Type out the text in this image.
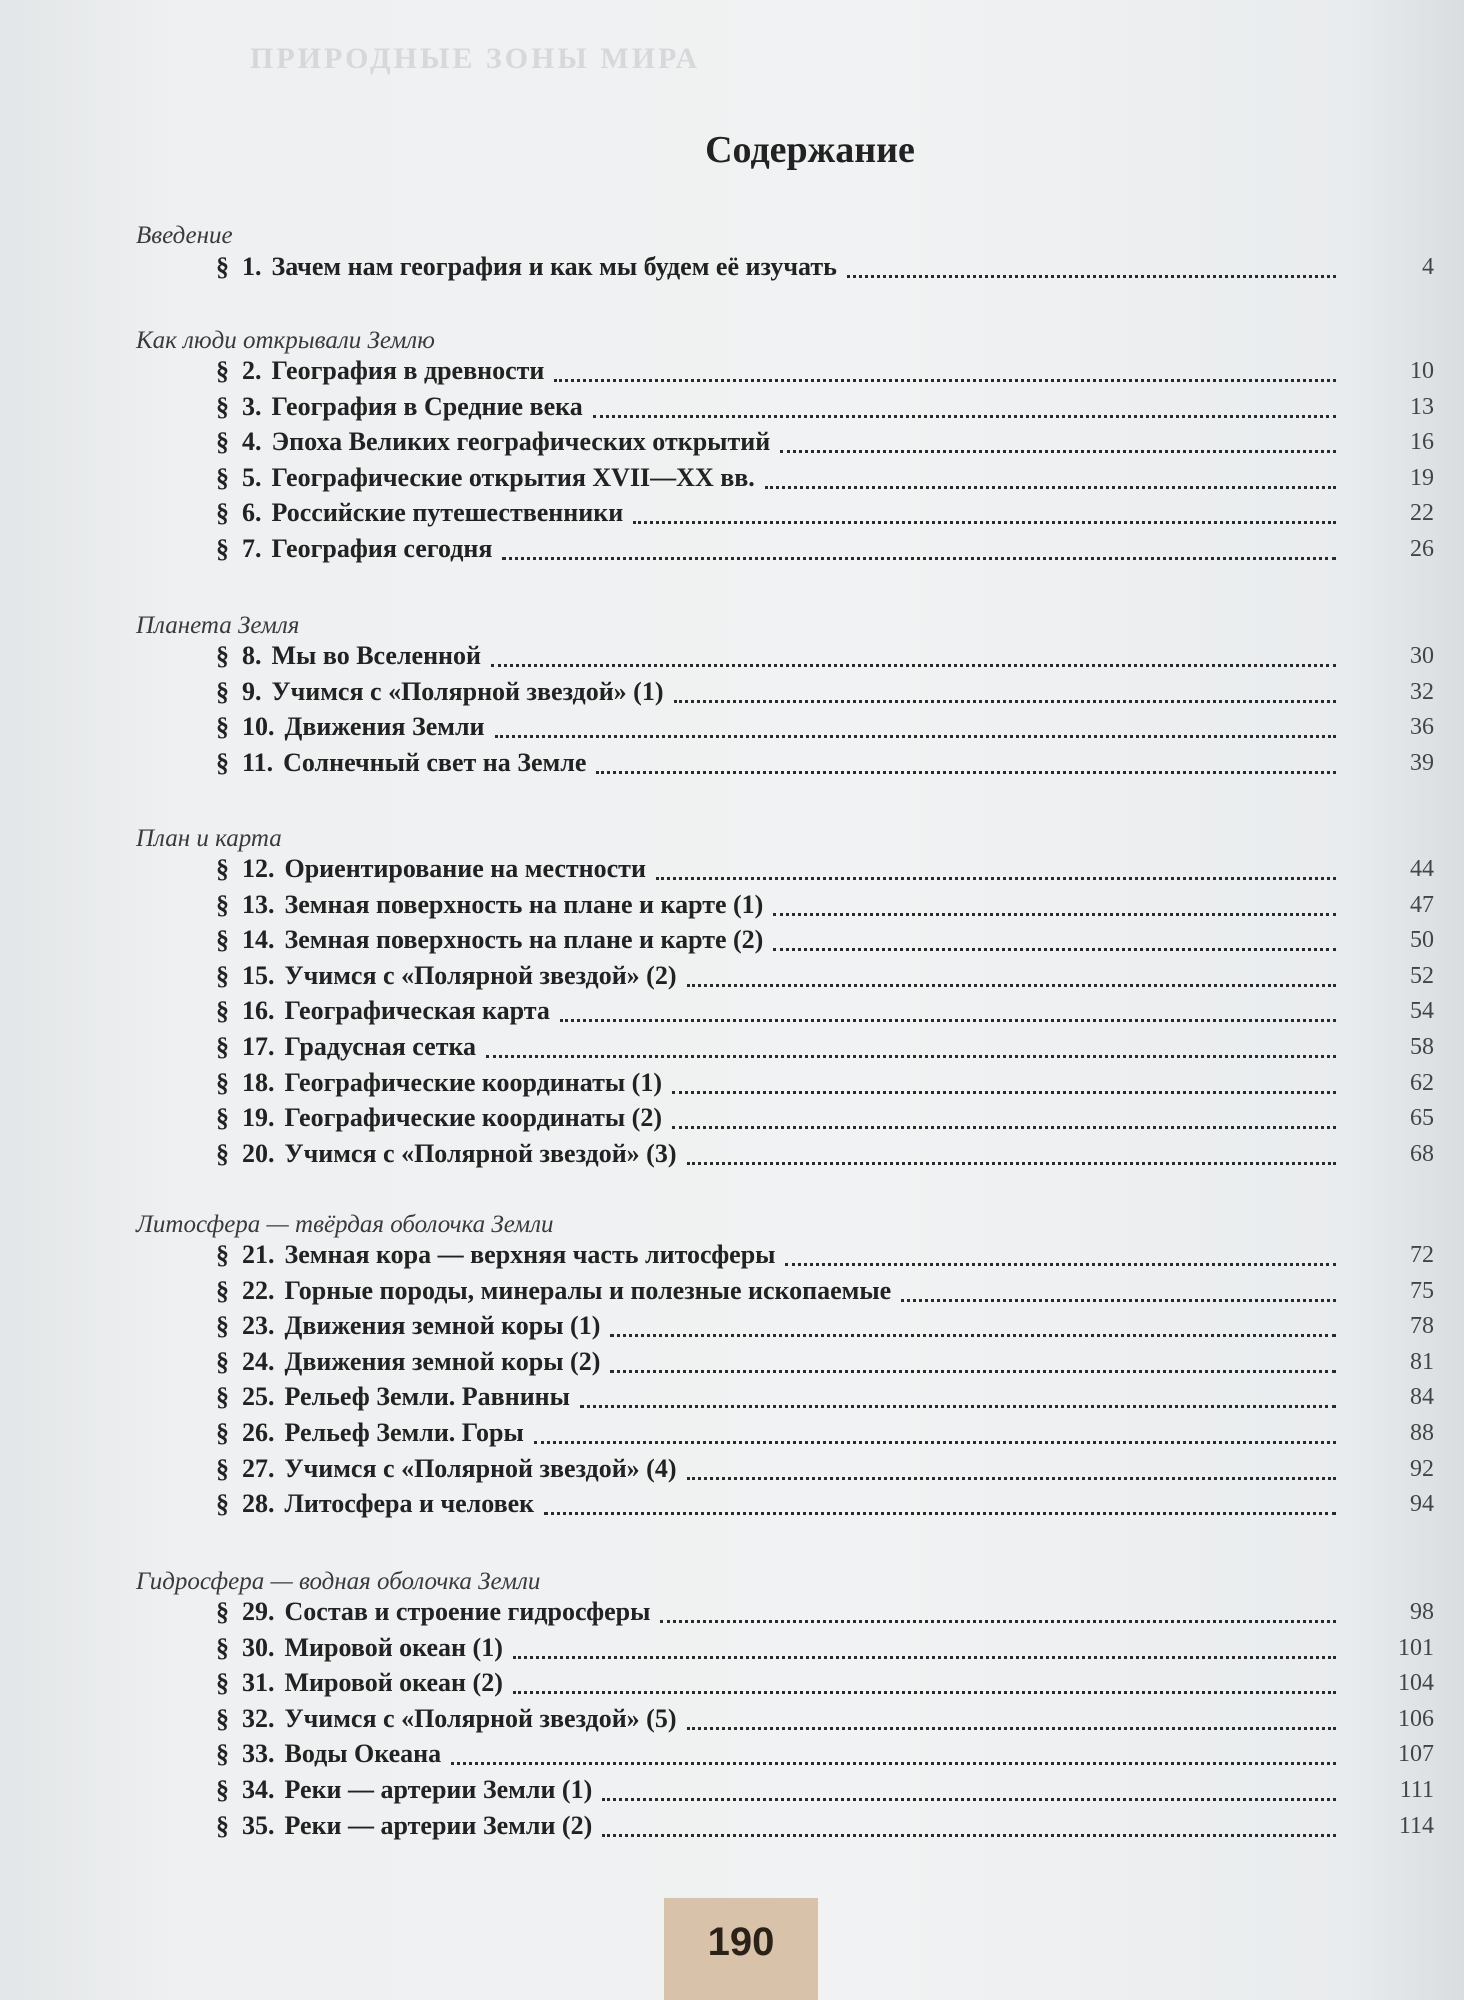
ПРИРОДНЫЕ ЗОНЫ МИРА
Содержание
Введение
§ 1. Зачем нам география и как мы будем её изучать	4
Как люди открывали Землю
§ 2. География в древности	10
§ 3. География в Средние века	13
§ 4. Эпоха Великих географических открытий	16
§ 5. Географические открытия XVII—XX вв.	19
§ 6. Российские путешественники	22
§ 7. География сегодня	26
Планета Земля
§ 8. Мы во Вселенной	30
§ 9. Учимся с «Полярной звездой» (1)	32
§ 10. Движения Земли	36
§ 11. Солнечный свет на Земле	39
План и карта
§ 12. Ориентирование на местности	44
§ 13. Земная поверхность на плане и карте (1)	47
§ 14. Земная поверхность на плане и карте (2)	50
§ 15. Учимся с «Полярной звездой» (2)	52
§ 16. Географическая карта	54
§ 17. Градусная сетка	58
§ 18. Географические координаты (1)	62
§ 19. Географические координаты (2)	65
§ 20. Учимся с «Полярной звездой» (3)	68
Литосфера — твёрдая оболочка Земли
§ 21. Земная кора — верхняя часть литосферы	72
§ 22. Горные породы, минералы и полезные ископаемые	75
§ 23. Движения земной коры (1)	78
§ 24. Движения земной коры (2)	81
§ 25. Рельеф Земли. Равнины	84
§ 26. Рельеф Земли. Горы	88
§ 27. Учимся с «Полярной звездой» (4)	92
§ 28. Литосфера и человек	94
Гидросфера — водная оболочка Земли
§ 29. Состав и строение гидросферы	98
§ 30. Мировой океан (1)	101
§ 31. Мировой океан (2)	104
§ 32. Учимся с «Полярной звездой» (5)	106
§ 33. Воды Океана	107
§ 34. Реки — артерии Земли (1)	111
§ 35. Реки — артерии Земли (2)	114
190
